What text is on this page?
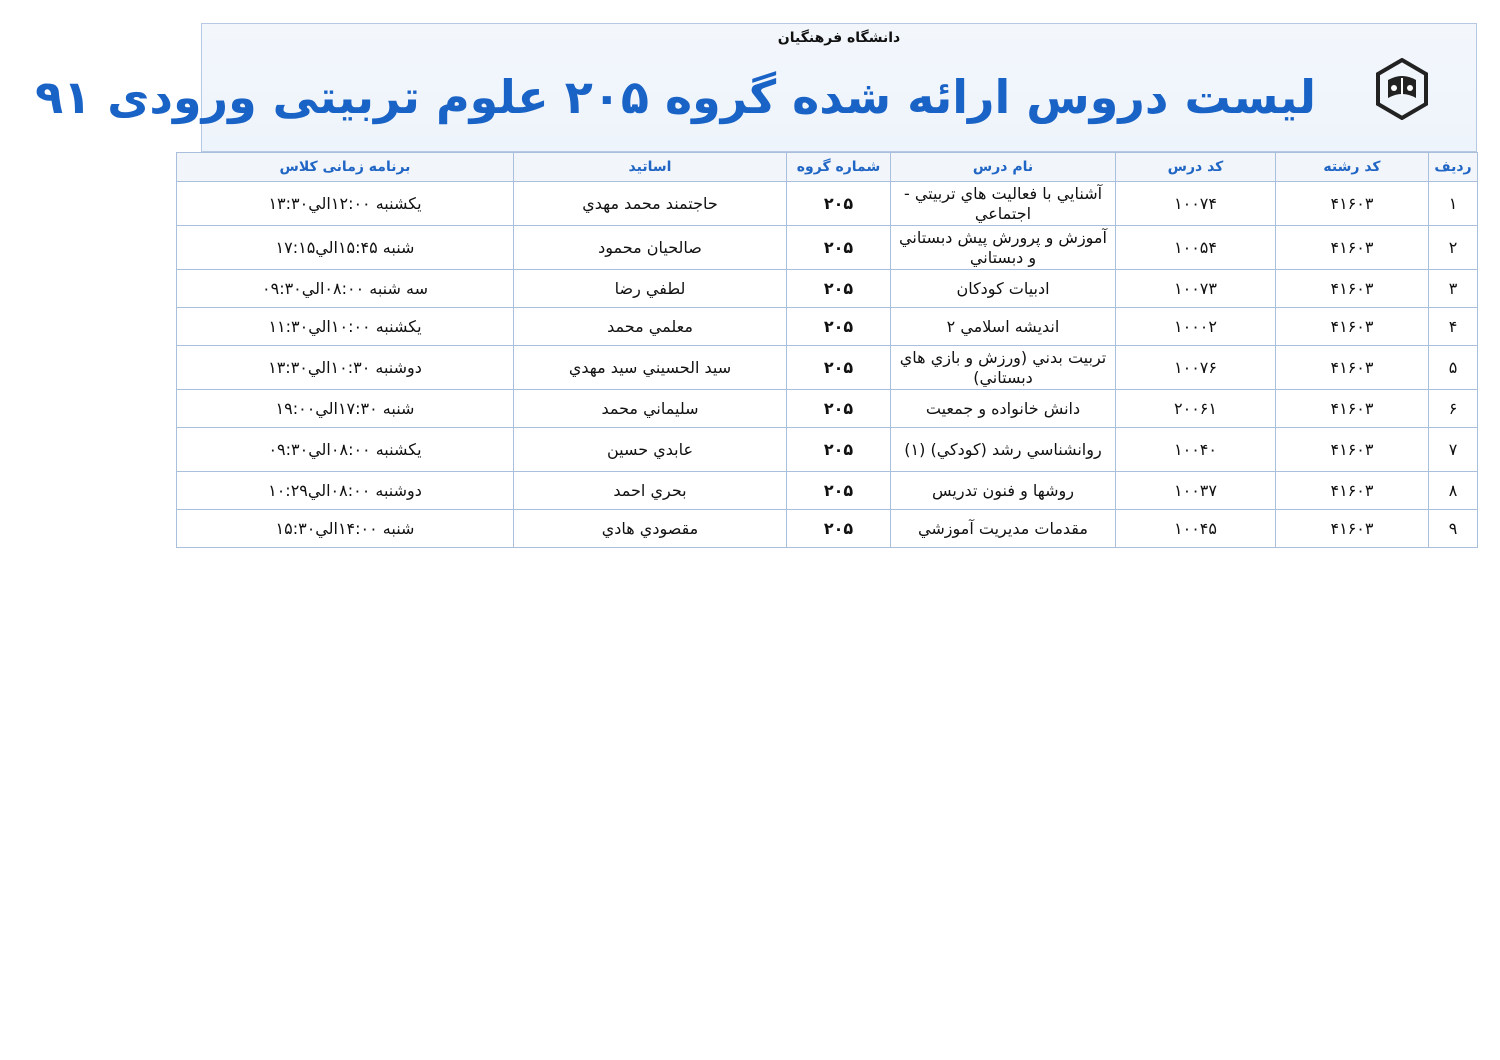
دانشگاه فرهنگیان
لیست دروس ارائه شده گروه ۲۰۵ علوم تربیتی ورودی ۹۱
ردیف	کد رشته	کد درس	نام درس	شماره گروه	اساتید	برنامه زمانی کلاس
۱	۴۱۶۰۳	۱۰۰۷۴	آشنايي با فعاليت هاي تربيتي - اجتماعي	۲۰۵	حاجتمند محمد مهدي	يکشنبه ۱۲:۰۰الي۱۳:۳۰
۲	۴۱۶۰۳	۱۰۰۵۴	آموزش و پرورش پيش دبستاني و دبستاني	۲۰۵	صالحيان محمود	شنبه ۱۵:۴۵الي۱۷:۱۵
۳	۴۱۶۰۳	۱۰۰۷۳	ادبيات کودکان	۲۰۵	لطفي رضا	سه شنبه ۰۸:۰۰الي۰۹:۳۰
۴	۴۱۶۰۳	۱۰۰۰۲	انديشه اسلامي ۲	۲۰۵	معلمي محمد	يکشنبه ۱۰:۰۰الي۱۱:۳۰
۵	۴۱۶۰۳	۱۰۰۷۶	تربيت بدني (ورزش و بازي هاي دبستاني)	۲۰۵	سيد الحسيني سيد مهدي	دوشنبه ۱۰:۳۰الي۱۳:۳۰
۶	۴۱۶۰۳	۲۰۰۶۱	دانش خانواده و جمعيت	۲۰۵	سليماني محمد	شنبه ۱۷:۳۰الي۱۹:۰۰
۷	۴۱۶۰۳	۱۰۰۴۰	روانشناسي رشد (کودکي) (۱)	۲۰۵	عابدي حسين	يکشنبه ۰۸:۰۰الي۰۹:۳۰
۸	۴۱۶۰۳	۱۰۰۳۷	روشها و فنون تدريس	۲۰۵	بحري احمد	دوشنبه ۰۸:۰۰الي۱۰:۲۹
۹	۴۱۶۰۳	۱۰۰۴۵	مقدمات مديريت آموزشي	۲۰۵	مقصودي هادي	شنبه ۱۴:۰۰الي۱۵:۳۰
